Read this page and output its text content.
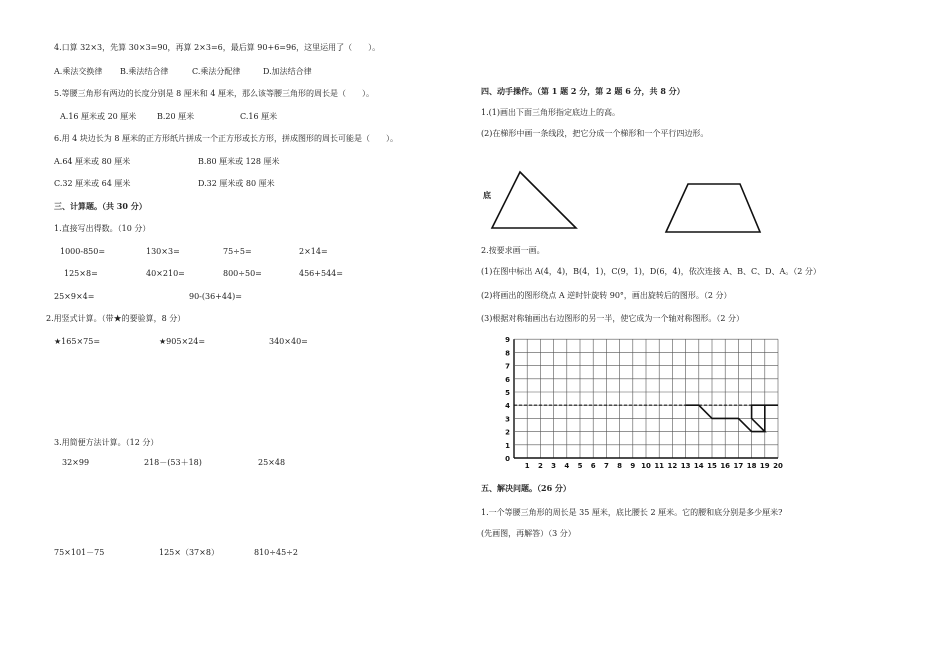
4.口算 32×3，先算 30×3=90，再算 2×3=6，最后算 90+6=96，这里运用了（　　）。
A.乘法交换律 B.乘法结合律	C.乘法分配律	D.加法结合律
5.等腰三角形有两边的长度分别是 8 厘米和 4 厘米，那么该等腰三角形的周长是（　　）。
A.16 厘米或 20 厘米	B.20 厘米	C.16 厘米
6.用 4 块边长为 8 厘米的正方形纸片拼成一个正方形或长方形，拼成图形的周长可能是（　　）。
A.64 厘米或 80 厘米	B.80 厘米或 128 厘米
C.32 厘米或 64 厘米	D.32 厘米或 80 厘米
三、计算题。（共 30 分）
1.直接写出得数。（10 分）
1000-850=	130×3=	75÷5=	2×14=
125×8=	40×210=	800÷50=	456+544=
25×9×4=	90-(36+44)=
2.用竖式计算。（带★的要验算，8 分）
★165×75=	★905×24=	340×40=
3.用简便方法计算。（12 分）
32×99	218－(53＋18)	25×48
75×101－75	125×（37×8）	810÷45÷2
四、动手操作。（第 1 题 2 分，第 2 题 6 分，共 8 分）
1.(1)画出下面三角形指定底边上的高。
(2)在梯形中画一条线段，把它分成一个梯形和一个平行四边形。
底
2.按要求画一画。
(1)在图中标出 A(4，4)，B(4，1)，C(9，1)，D(6，4)，依次连接 A、B、C、D、A。（2 分）
(2)将画出的图形绕点 A 逆时针旋转 90°，画出旋转后的图形。（2 分）
(3)根据对称轴画出右边图形的另一半，使它成为一个轴对称图形。（2 分）
9
8
7
6
5
4
3
2
1
0
1 2 3 4 5 6 7 8 9 10 11 12 13 14 15 16 17 18 19 20
五、解决问题。（26 分）
1.一个等腰三角形的周长是 35 厘米，底比腰长 2 厘米。它的腰和底分别是多少厘米?
(先画图，再解答）（3 分）
